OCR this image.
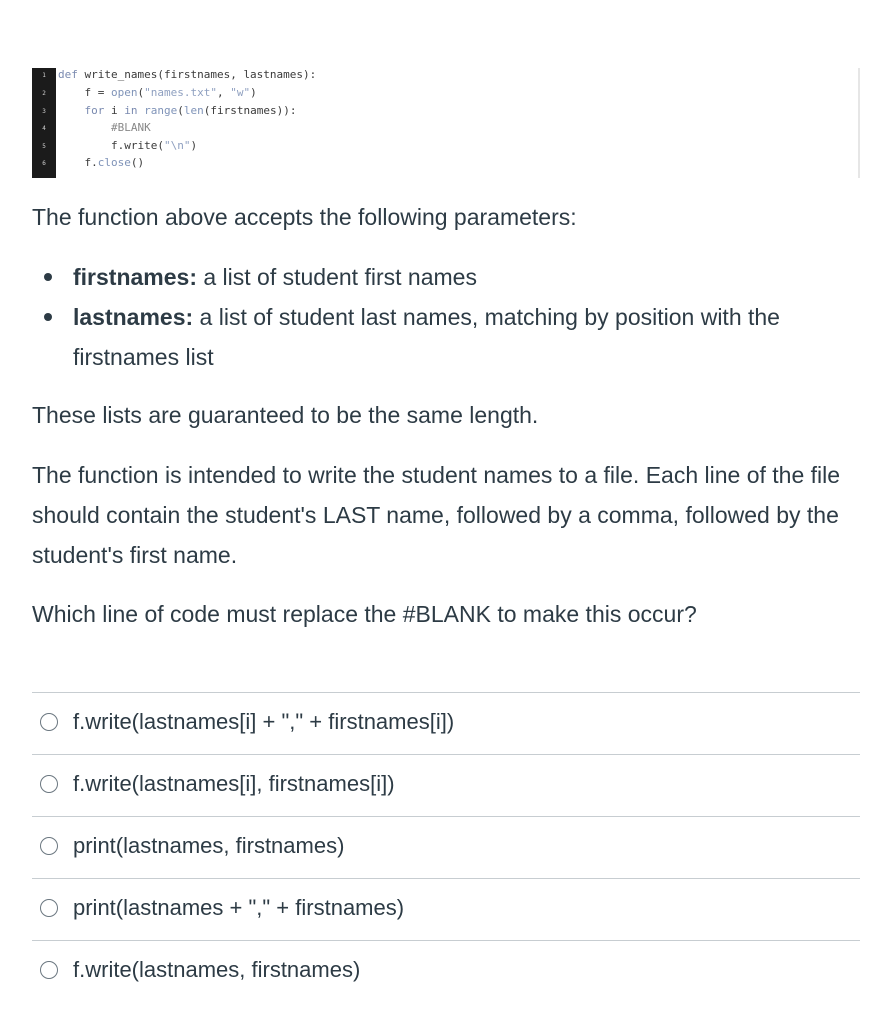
1
2
3
4
5
6
def write_names(firstnames, lastnames):
f = open("names.txt", "w")
for i in range(len(firstnames)):
#BLANK
f.write("\n")
f.close()
The function above accepts the following parameters:
firstnames: a list of student first names
lastnames: a list of student last names, matching by position with the firstnames list
These lists are guaranteed to be the same length.
The function is intended to write the student names to a file. Each line of the file should contain the student's LAST name, followed by a comma, followed by the student's first name.
Which line of code must replace the #BLANK to make this occur?
f.write(lastnames[i] + "," + firstnames[i])
f.write(lastnames[i], firstnames[i])
print(lastnames, firstnames)
print(lastnames + "," + firstnames)
f.write(lastnames, firstnames)
